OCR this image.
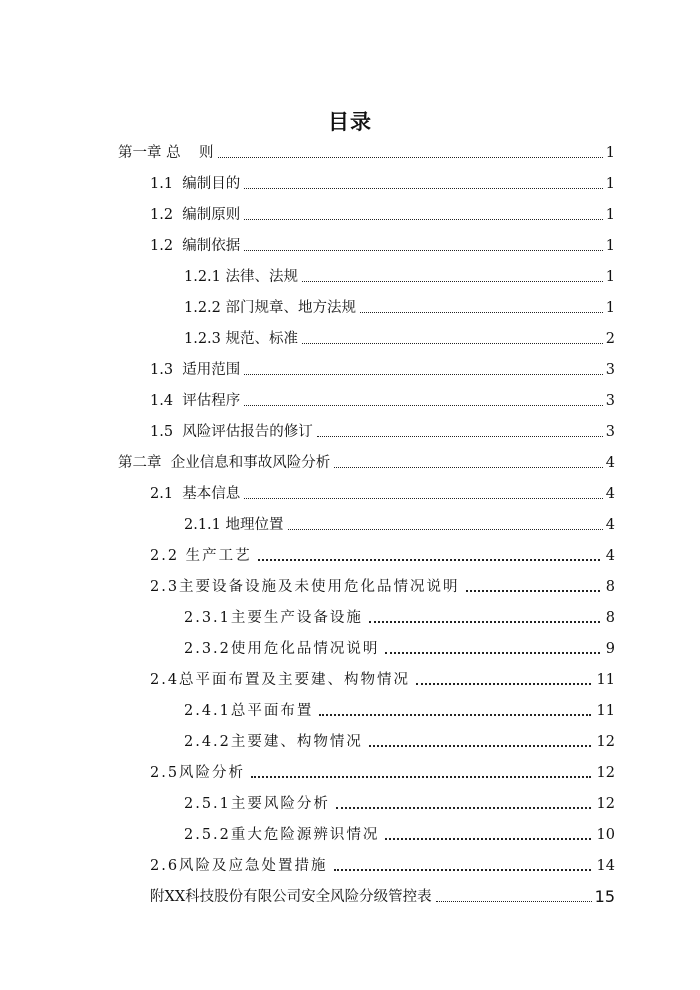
目录
第一章 总    则	1
1.1  编制目的	1
1.2  编制原则	1
1.2  编制依据	1
1.2.1 法律、法规	1
1.2.2 部门规章、地方法规	1
1.2.3 规范、标准	2
1.3  适用范围	3
1.4  评估程序	3
1.5  风险评估报告的修订	3
第二章  企业信息和事故风险分析	4
2.1  基本信息	4
2.1.1 地理位置	4
2.2 生产工艺	4
2.3主要设备设施及未使用危化品情况说明	8
2.3.1主要生产设备设施	8
2.3.2使用危化品情况说明	9
2.4总平面布置及主要建、构物情况	11
2.4.1总平面布置	11
2.4.2主要建、构物情况	12
2.5风险分析	12
2.5.1主要风险分析	12
2.5.2重大危险源辨识情况	10
2.6风险及应急处置措施	14
附XX科技股份有限公司安全风险分级管控表	15
